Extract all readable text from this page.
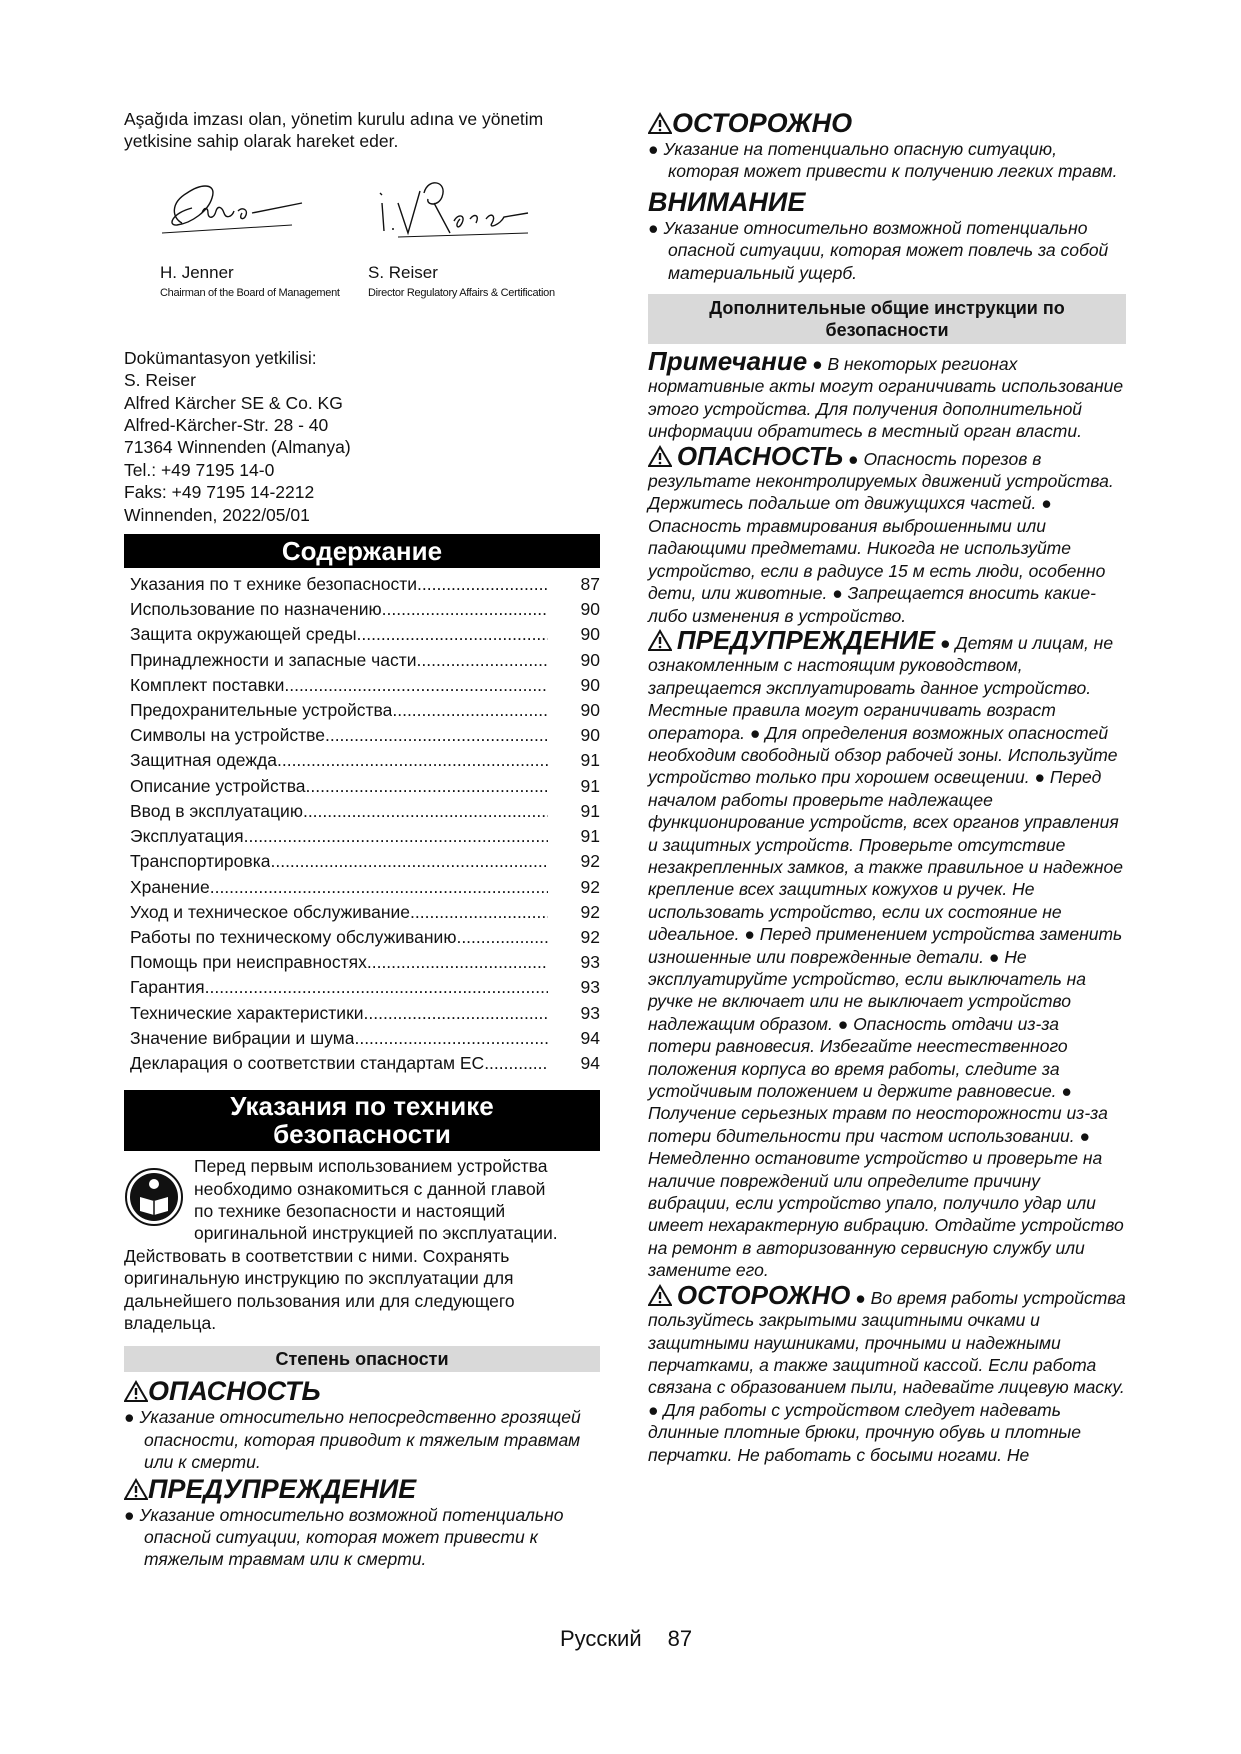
Aşağıda imzası olan, yönetim kurulu adına ve yönetim yetkisine sahip olarak hareket eder.

H. Jenner
Chairman of the Board of Management
S. Reiser
Director Regulatory Affairs & Certification

Dokümantasyon yetkilisi:

S. Reiser

Alfred Kärcher SE & Co. KG

Alfred-Kärcher-Str. 28 - 40

71364 Winnenden (Almanya)

Tel.: +49 7195 14-0

Faks: +49 7195 14-2212

Winnenden, 2022/05/01

Содержание
Указания по т ехнике безопасности .....	87
Использование по назначению .....	90
Защита окружающей среды .....	90
Принадлежности и запасные части .....	90
Комплект поставки .....	90
Предохранительные устройства .....	90
Символы на устройстве .....	90
Защитная одежда .....	91
Описание устройства .....	91
Ввод в эксплуатацию .....	91
Эксплуатация .....	91
Транспортировка .....	92
Хранение .....	92
Уход и техническое обслуживание .....	92
Работы по техническому обслуживанию .....	92
Помощь при неисправностях .....	93
Гарантия .....	93
Технические характеристики .....	93
Значение вибрации и шума .....	94
Декларация о соответствии стандартам ЕС .....	94
Указания по технике
безопасности

Перед первым использованием устройства

необходимо ознакомиться с данной главой

по технике безопасности и настоящий

оригинальной инструкцией по эксплуатации.

Действовать в соответствии с ними. Сохранять оригинальную инструкцию по эксплуатации для дальнейшего пользования или для следующего владельца.

Степень опасности
ОПАСНОСТЬ

● Указание относительно непосредственно грозящей опасности, которая приводит к тяжелым травмам или к смерти.

ПРЕДУПРЕЖДЕНИЕ

● Указание относительно возможной потенциально опасной ситуации, которая может привести к тяжелым травмам или к смерти.

ОСТОРОЖНО

● Указание на потенциально опасную ситуацию, которая может привести к получению легких травм.

ВНИМАНИЕ

● Указание относительно возможной потенциально опасной ситуации, которая может повлечь за собой материальный ущерб.

Дополнительные общие инструкции по
безопасности

Примечание ● В некоторых регионах нормативные акты могут ограничивать использование этого устройства. Для получения дополнительной информации обратитесь в местный орган власти.

ОПАСНОСТЬ ● Опасность порезов в результате неконтролируемых движений устройства. Держитесь подальше от движущихся частей. ● Опасность травмирования выброшенными или падающими предметами. Никогда не используйте устройство, если в радиусе 15 м есть люди, особенно дети, или животные. ● Запрещается вносить какие-либо изменения в устройство.

ПРЕДУПРЕЖДЕНИЕ ● Детям и лицам, не ознакомленным с настоящим руководством, запрещается эксплуатировать данное устройство. Местные правила могут ограничивать возраст оператора. ● Для определения возможных опасностей необходим свободный обзор рабочей зоны. Используйте устройство только при хорошем освещении. ● Перед началом работы проверьте надлежащее функционирование устройств, всех органов управления и защитных устройств. Проверьте отсутствие незакрепленных замков, а также правильное и надежное крепление всех защитных кожухов и ручек. Не использовать устройство, если их состояние не идеальное. ● Перед применением устройства заменить изношенные или поврежденные детали. ● Не эксплуатируйте устройство, если выключатель на ручке не включает или не выключает устройство надлежащим образом. ● Опасность отдачи из-за потери равновесия. Избегайте неестественного положения корпуса во время работы, следите за устойчивым положением и держите равновесие. ● Получение серьезных травм по неосторожности из-за потери бдительности при частом использовании. ● Немедленно остановите устройство и проверьте на наличие повреждений или определите причину вибрации, если устройство упало, получило удар или имеет нехарактерную вибрацию. Отдайте устройство на ремонт в авторизованную сервисную службу или замените его.

ОСТОРОЖНО ● Во время работы устройства пользуйтесь закрытыми защитными очками и защитными наушниками, прочными и надежными перчатками, а также защитной кассой. Если работа связана с образованием пыли, надевайте лицевую маску. ● Для работы с устройством следует надевать длинные плотные брюки, прочную обувь и плотные перчатки. Не работать с босыми ногами. Не

Русский 87
